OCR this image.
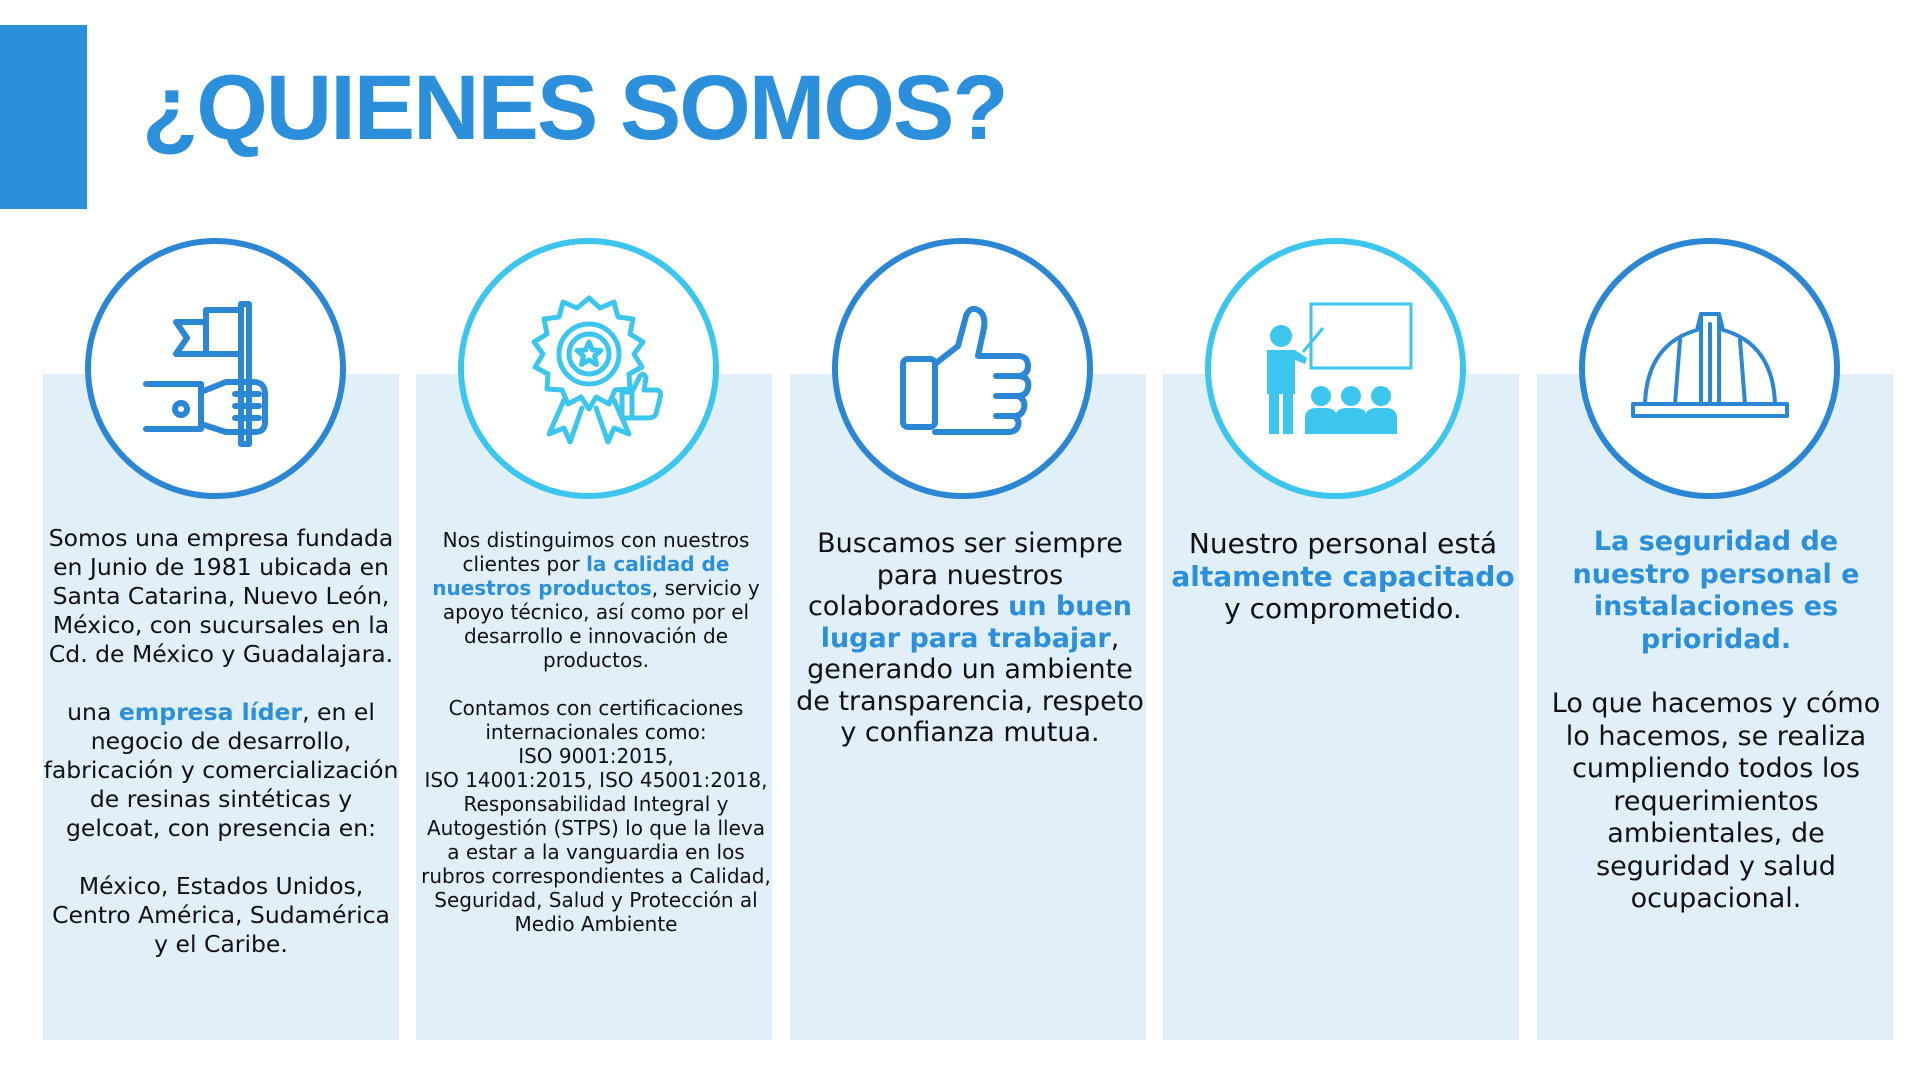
¿QUIENES SOMOS?

Somos una empresa fundada en Junio de 1981 ubicada en Santa Catarina, Nuevo León, México, con sucursales en la Cd. de México y Guadalajara.

una empresa líder, en el negocio de desarrollo, fabricación y comercialización de resinas sintéticas y gelcoat, con presencia en:

México, Estados Unidos, Centro América, Sudamérica y el Caribe.

Nos distinguimos con nuestros clientes por la calidad de nuestros productos, servicio y apoyo técnico, así como por el desarrollo e innovación de productos.

Contamos con certificaciones internacionales como:

ISO 9001:2015,

ISO 14001:2015, ISO 45001:2018, Responsabilidad Integral y Autogestión (STPS) lo que la lleva a estar a la vanguardia en los rubros correspondientes a Calidad, Seguridad, Salud y Protección al Medio Ambiente

Buscamos ser siempre para nuestros colaboradores un buen lugar para trabajar, generando un ambiente de transparencia, respeto y confianza mutua.

Nuestro personal está altamente capacitado y comprometido.

La seguridad de nuestro personal e instalaciones es prioridad.

Lo que hacemos y cómo lo hacemos, se realiza cumpliendo todos los requerimientos ambientales, de seguridad y salud ocupacional.
